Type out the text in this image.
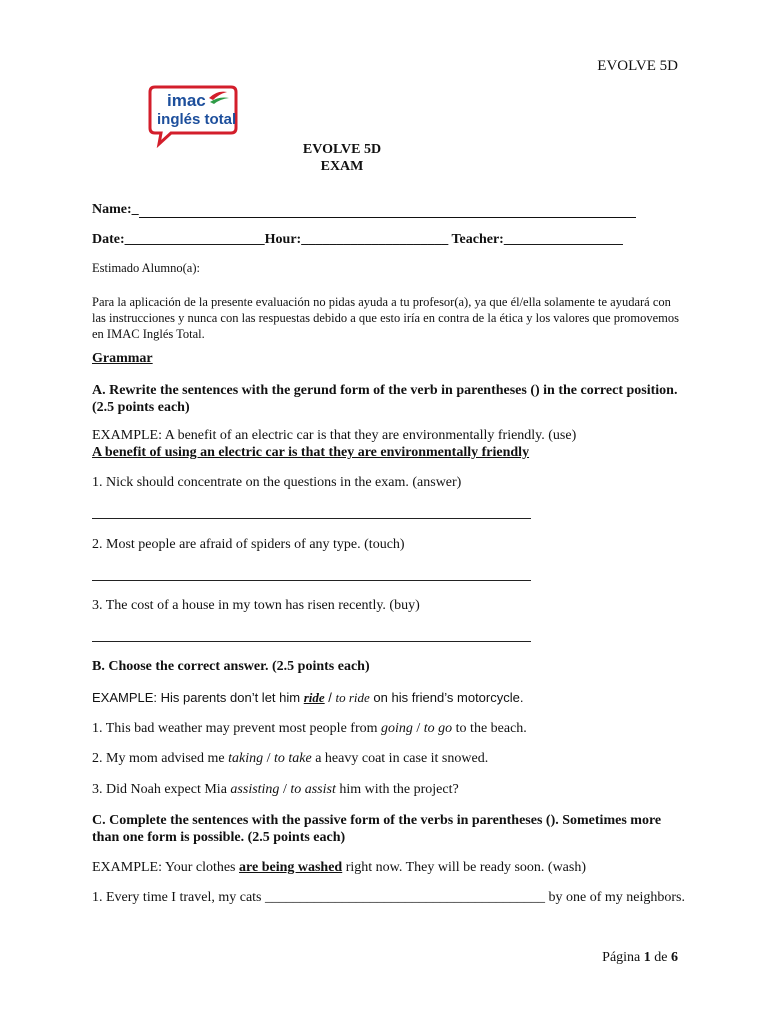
EVOLVE 5D
imac
inglés total
EVOLVE 5D
EXAM
Name:_
Date:____________________Hour:_____________________ Teacher:_________________
Estimado Alumno(a):
Para la aplicación de la presente evaluación no pidas ayuda a tu profesor(a), ya que él/ella solamente te ayudará con las instrucciones y nunca con las respuestas debido a que esto iría en contra de la ética y los valores que promovemos en IMAC Inglés Total.
Grammar
A. Rewrite the sentences with the gerund form of the verb in parentheses () in the correct position. (2.5 points each)
EXAMPLE: A benefit of an electric car is that they are environmentally friendly. (use)
A benefit of using an electric car is that they are environmentally friendly
1. Nick should concentrate on the questions in the exam. (answer)
2. Most people are afraid of spiders of any type. (touch)
3. The cost of a house in my town has risen recently. (buy)
B. Choose the correct answer. (2.5 points each)
EXAMPLE: His parents don’t let him ride / to ride on his friend’s motorcycle.
1. This bad weather may prevent most people from going / to go to the beach.
2. My mom advised me taking / to take a heavy coat in case it snowed.
3. Did Noah expect Mia assisting / to assist him with the project?
C. Complete the sentences with the passive form of the verbs in parentheses (). Sometimes more
than one form is possible. (2.5 points each)
EXAMPLE: Your clothes are being washed right now. They will be ready soon. (wash)
1. Every time I travel, my cats ________________________________________ by one of my neighbors.
Página 1 de 6
